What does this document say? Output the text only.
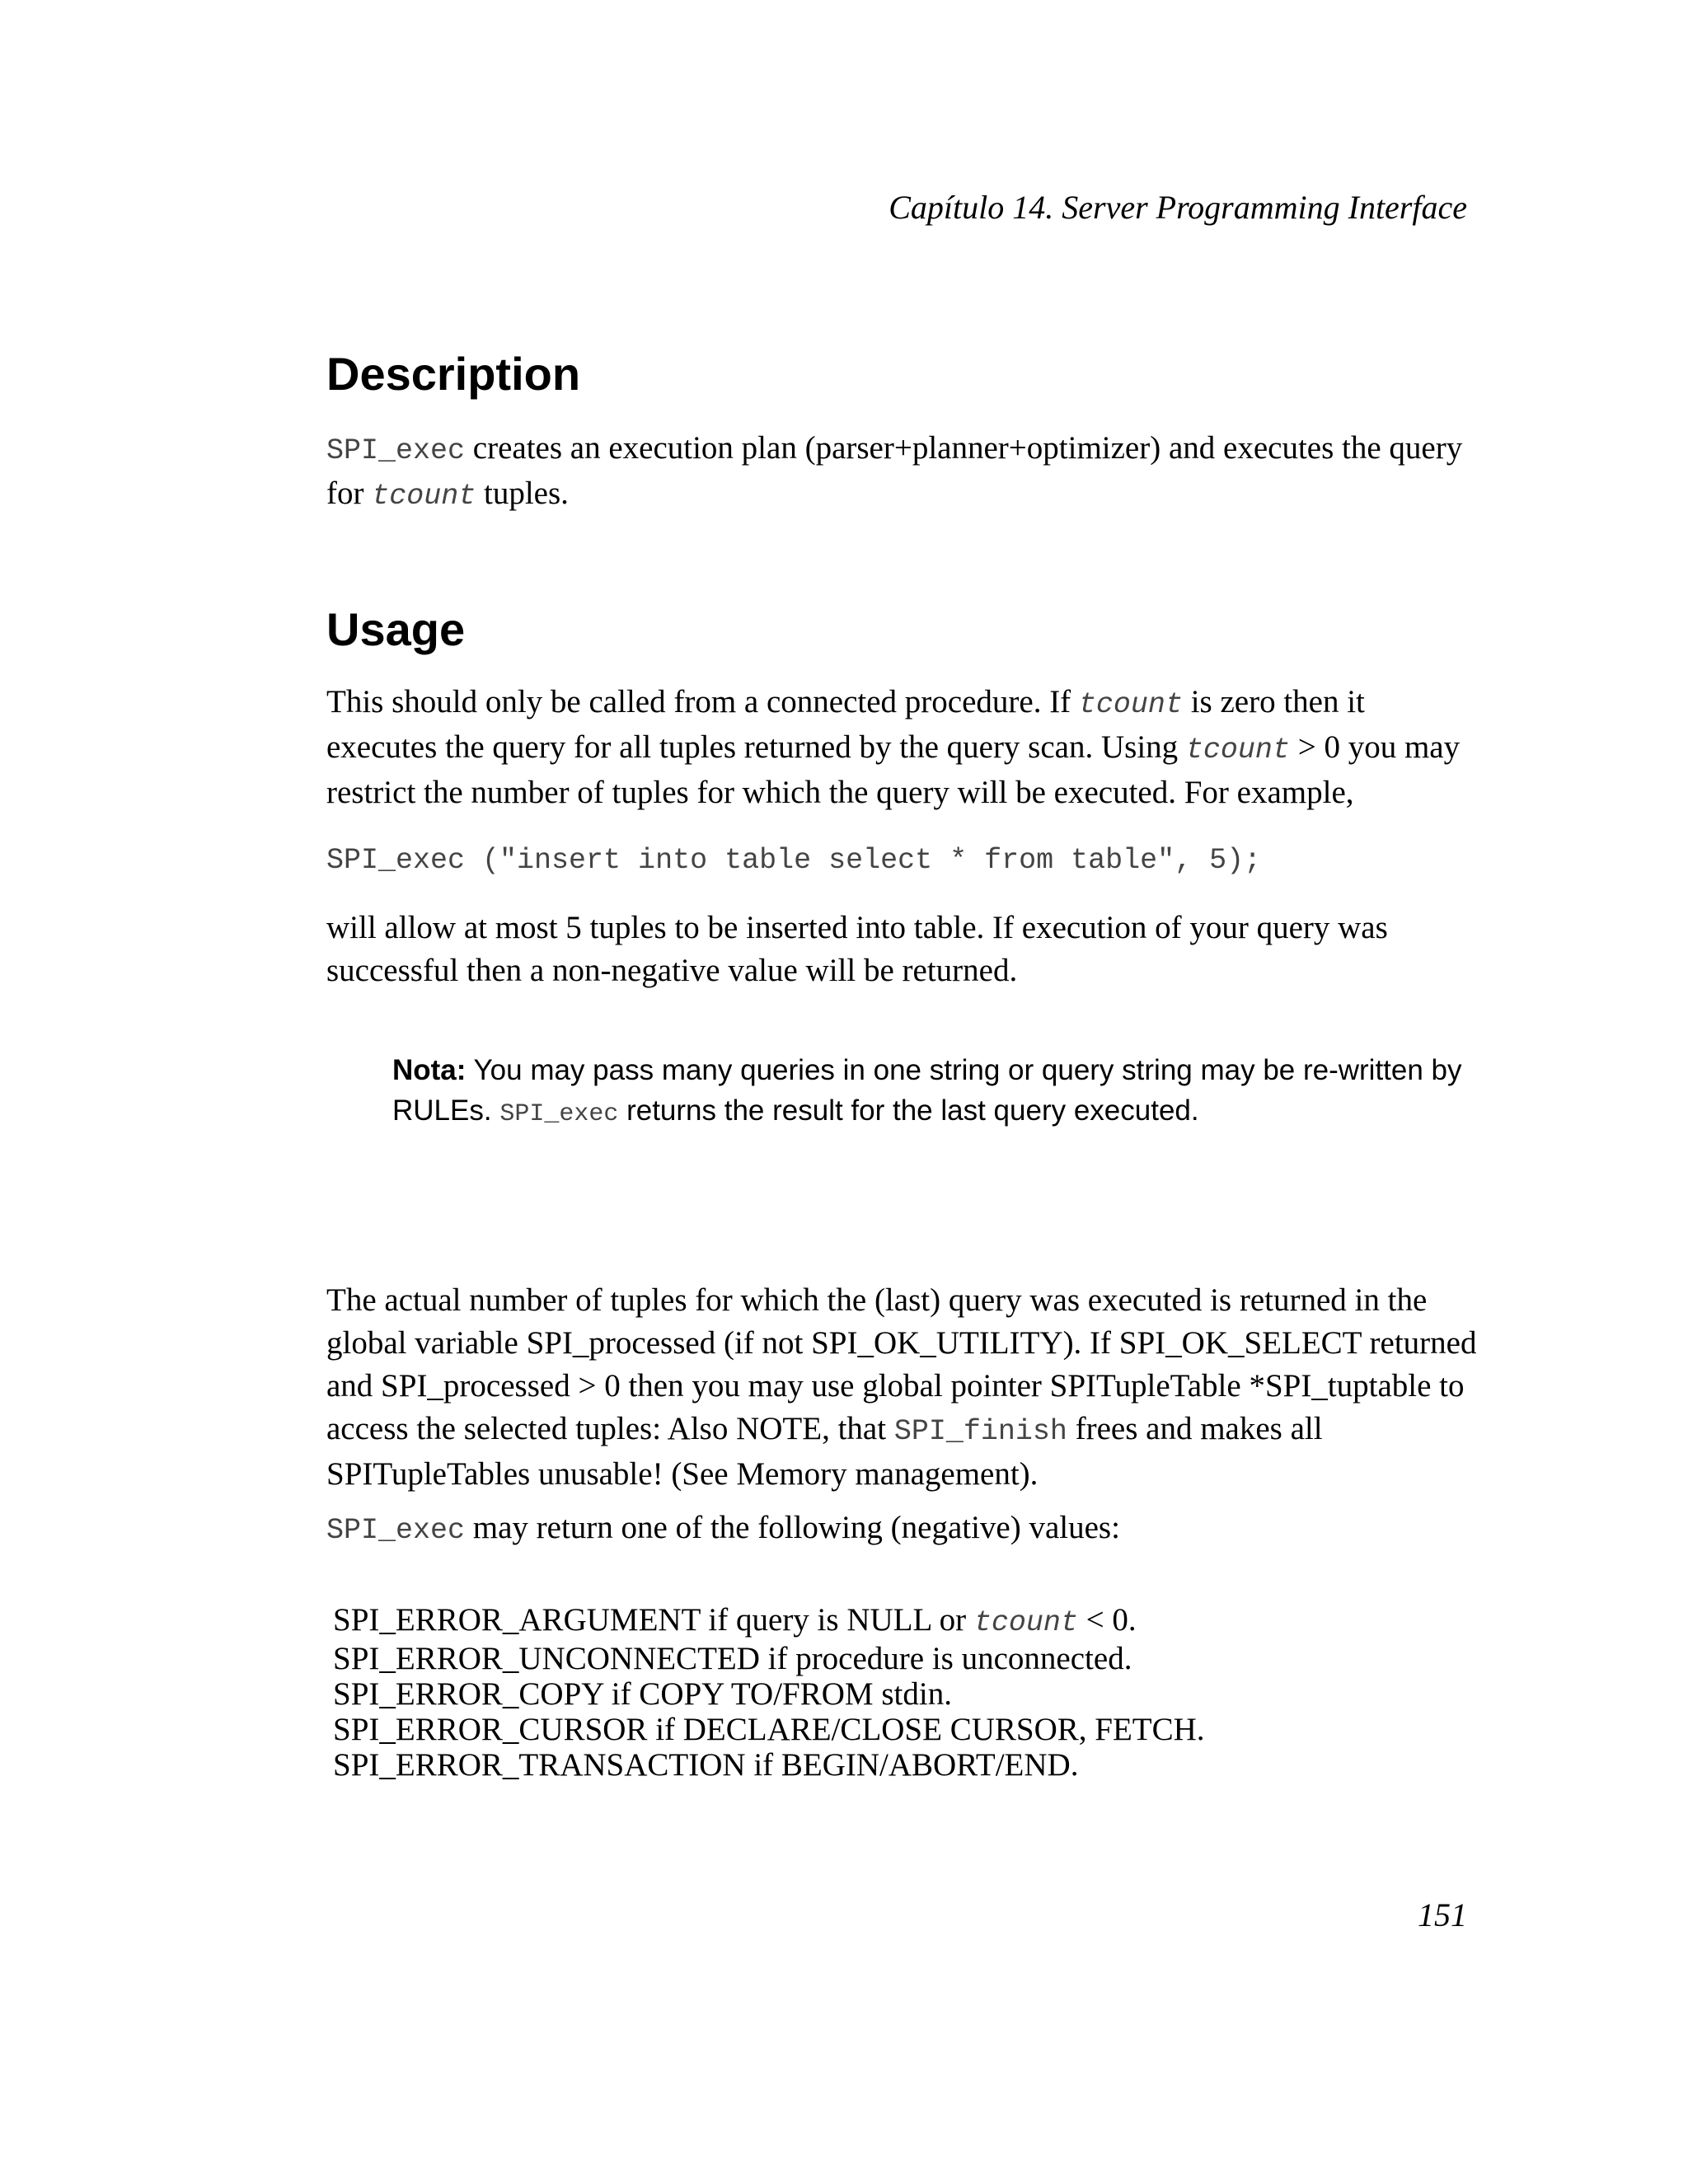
Capítulo 14. Server Programming Interface
Description

SPI_exec creates an execution plan (parser+planner+optimizer) and executes the query for tcount tuples.

Usage

This should only be called from a connected procedure. If tcount is zero then it executes the query for all tuples returned by the query scan. Using tcount > 0 you may restrict the number of tuples for which the query will be executed. For example,

SPI_exec ("insert into table select * from table", 5);

will allow at most 5 tuples to be inserted into table. If execution of your query was successful then a non-negative value will be returned.

Nota: You may pass many queries in one string or query string may be re-written by RULEs. SPI_exec returns the result for the last query executed.

The actual number of tuples for which the (last) query was executed is returned in the global variable SPI_processed (if not SPI_OK_UTILITY). If SPI_OK_SELECT returned and SPI_processed > 0 then you may use global pointer SPITupleTable *SPI_tuptable to access the selected tuples: Also NOTE, that SPI_finish frees and makes all SPITupleTables unusable! (See Memory management).

SPI_exec may return one of the following (negative) values:

SPI_ERROR_ARGUMENT if query is NULL or tcount < 0.
SPI_ERROR_UNCONNECTED if procedure is unconnected.
SPI_ERROR_COPY if COPY TO/FROM stdin.
SPI_ERROR_CURSOR if DECLARE/CLOSE CURSOR, FETCH.
SPI_ERROR_TRANSACTION if BEGIN/ABORT/END.
151
